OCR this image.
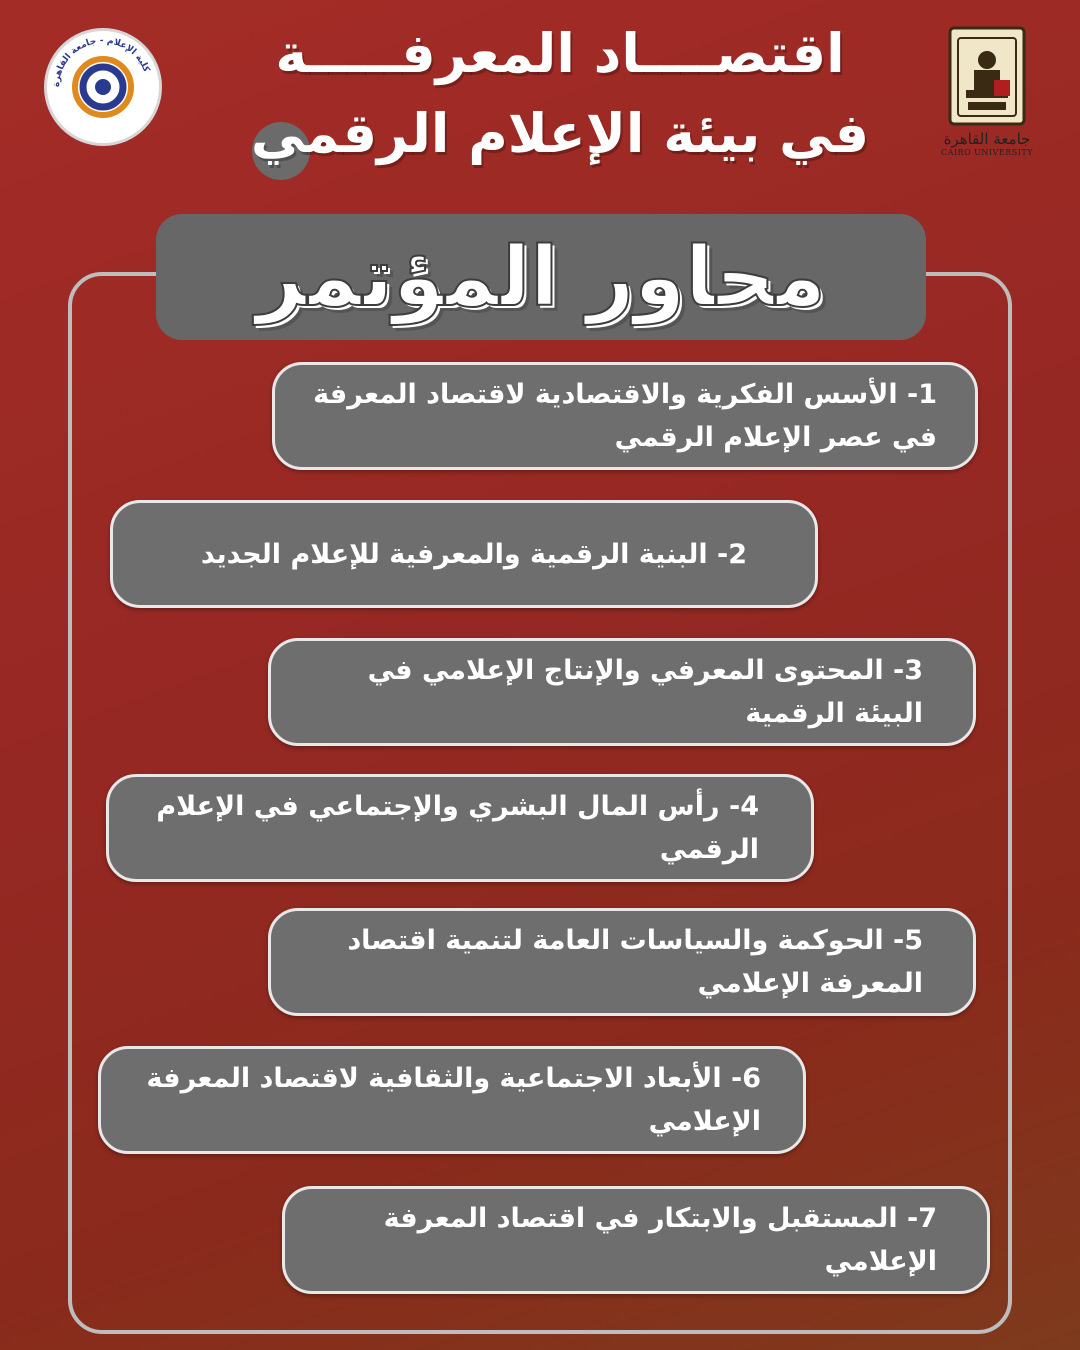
كلية الإعلام - جامعة القاهرة
جامعة القاهرة
CAIRO UNIVERSITY
اقتصــــاد المعرفـــــة
في بيئة الإعلام الرقمي
محاور المؤتمر
1- الأسس الفكرية والاقتصادية لاقتصاد المعرفة في عصر الإعلام الرقمي
2- البنية الرقمية والمعرفية للإعلام الجديد
3- المحتوى المعرفي والإنتاج الإعلامي في البيئة الرقمية
4- رأس المال البشري والإجتماعي في الإعلام الرقمي
5- الحوكمة والسياسات العامة لتنمية اقتصاد المعرفة الإعلامي
6- الأبعاد الاجتماعية والثقافية لاقتصاد المعرفة الإعلامي
7- المستقبل والابتكار في اقتصاد المعرفة الإعلامي
